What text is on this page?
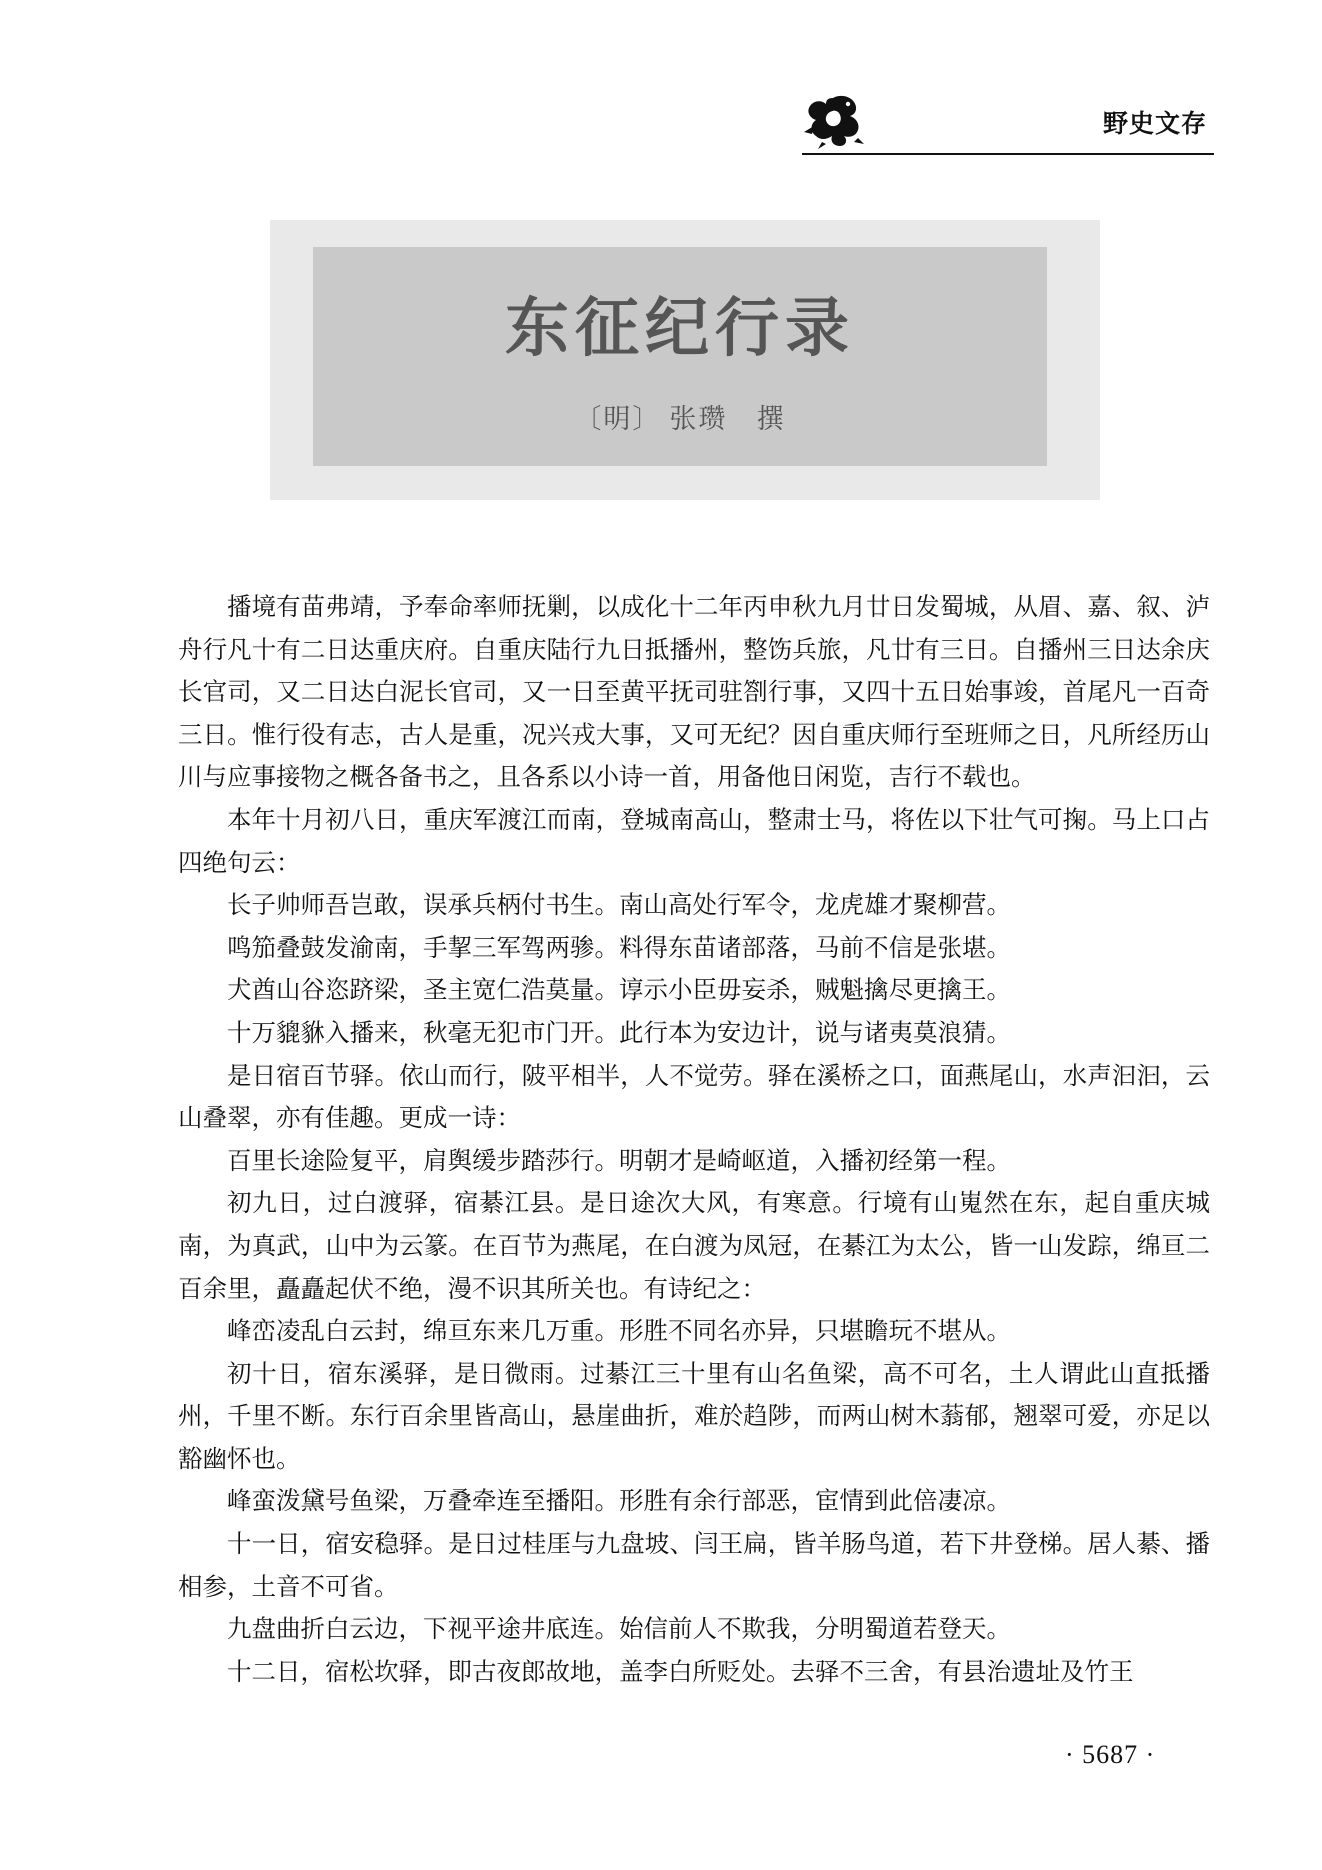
野史文存
东征纪行录
〔明〕 张瓒 撰

播境有苗弗靖，予奉命率师抚剿，以成化十二年丙申秋九月廿日发蜀城，从眉、嘉、叙、泸舟行凡十有二日达重庆府。自重庆陆行九日抵播州，整饬兵旅，凡廿有三日。自播州三日达余庆长官司，又二日达白泥长官司，又一日至黄平抚司驻劄行事，又四十五日始事竣，首尾凡一百奇三日。惟行役有志，古人是重，况兴戎大事，又可无纪？因自重庆师行至班师之日，凡所经历山川与应事接物之概各备书之，且各系以小诗一首，用备他日闲览，吉行不载也。

本年十月初八日，重庆军渡江而南，登城南高山，整肃士马，将佐以下壮气可掬。马上口占四绝句云：

长子帅师吾岂敢，误承兵柄付书生。南山高处行军令，龙虎雄才聚柳营。

鸣笳叠鼓发渝南，手挈三军驾两骖。料得东苗诸部落，马前不信是张堪。

犬酋山谷恣跻梁，圣主宽仁浩莫量。谆示小臣毋妄杀，贼魁擒尽更擒王。

十万貔貅入播来，秋毫无犯市门开。此行本为安边计，说与诸夷莫浪猜。

是日宿百节驿。依山而行，陂平相半，人不觉劳。驿在溪桥之口，面燕尾山，水声汩汩，云山叠翠，亦有佳趣。更成一诗：

百里长途险复平，肩舆缓步踏莎行。明朝才是崎岖道，入播初经第一程。

初九日，过白渡驿，宿綦江县。是日途次大风，有寒意。行境有山嵬然在东，起自重庆城南，为真武，山中为云篆。在百节为燕尾，在白渡为凤冠，在綦江为太公，皆一山发踪，绵亘二百余里，矗矗起伏不绝，漫不识其所关也。有诗纪之：

峰峦凌乱白云封，绵亘东来几万重。形胜不同名亦异，只堪瞻玩不堪从。

初十日，宿东溪驿，是日微雨。过綦江三十里有山名鱼梁，高不可名，土人谓此山直抵播州，千里不断。东行百余里皆高山，悬崖曲折，难於趋陟，而两山树木蓊郁，翘翠可爱，亦足以豁幽怀也。

峰蛮泼黛号鱼梁，万叠牵连至播阳。形胜有余行部恶，宦情到此倍凄凉。

十一日，宿安稳驿。是日过桂厓与九盘坡、闫王扁，皆羊肠鸟道，若下井登梯。居人綦、播相参，土音不可省。

九盘曲折白云边，下视平途井底连。始信前人不欺我，分明蜀道若登天。

十二日，宿松坎驿，即古夜郎故地，盖李白所贬处。去驿不三舍，有县治遗址及竹王

· 5687 ·
